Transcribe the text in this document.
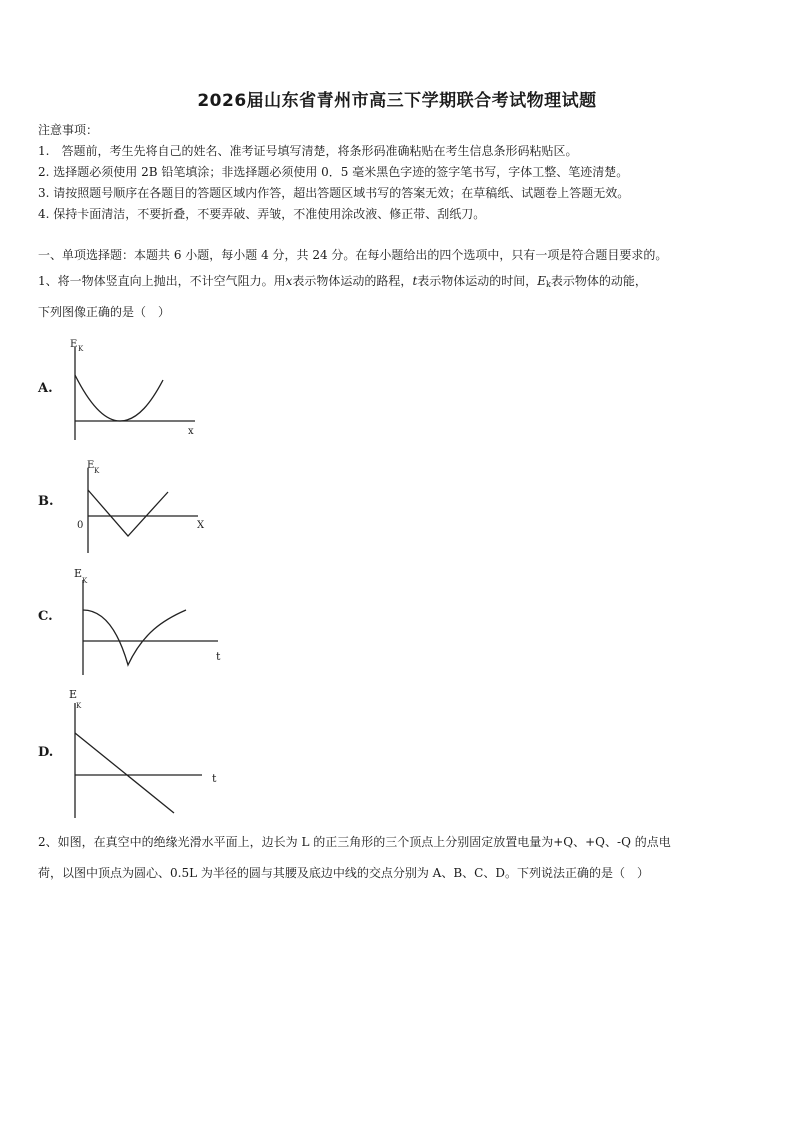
2026届山东省青州市高三下学期联合考试物理试题
注意事项：
1.　答题前，考生先将自己的姓名、准考证号填写清楚，将条形码准确粘贴在考生信息条形码粘贴区。
2. 选择题必须使用 2B 铅笔填涂；非选择题必须使用 0．5 毫米黑色字迹的签字笔书写，字体工整、笔迹清楚。
3. 请按照题号顺序在各题目的答题区域内作答，超出答题区域书写的答案无效；在草稿纸、试题卷上答题无效。
4. 保持卡面清洁，不要折叠，不要弄破、弄皱，不准使用涂改液、修正带、刮纸刀。
一、单项选择题：本题共 6 小题，每小题 4 分，共 24 分。在每小题给出的四个选项中，只有一项是符合题目要求的。
1、将一物体竖直向上抛出，不计空气阻力。用x表示物体运动的路程，t表示物体运动的时间，$E_k$表示物体的动能，
下列图像正确的是（　）
A.
E K
x
B.
E K
0	X
C.
E
K
t
D.
E
K
t
2、如图，在真空中的绝缘光滑水平面上，边长为 L 的正三角形的三个顶点上分别固定放置电量为+Q、+Q、-Q 的点电
荷，以图中顶点为圆心、0.5L 为半径的圆与其腰及底边中线的交点分别为 A、B、C、D。下列说法正确的是（　）
